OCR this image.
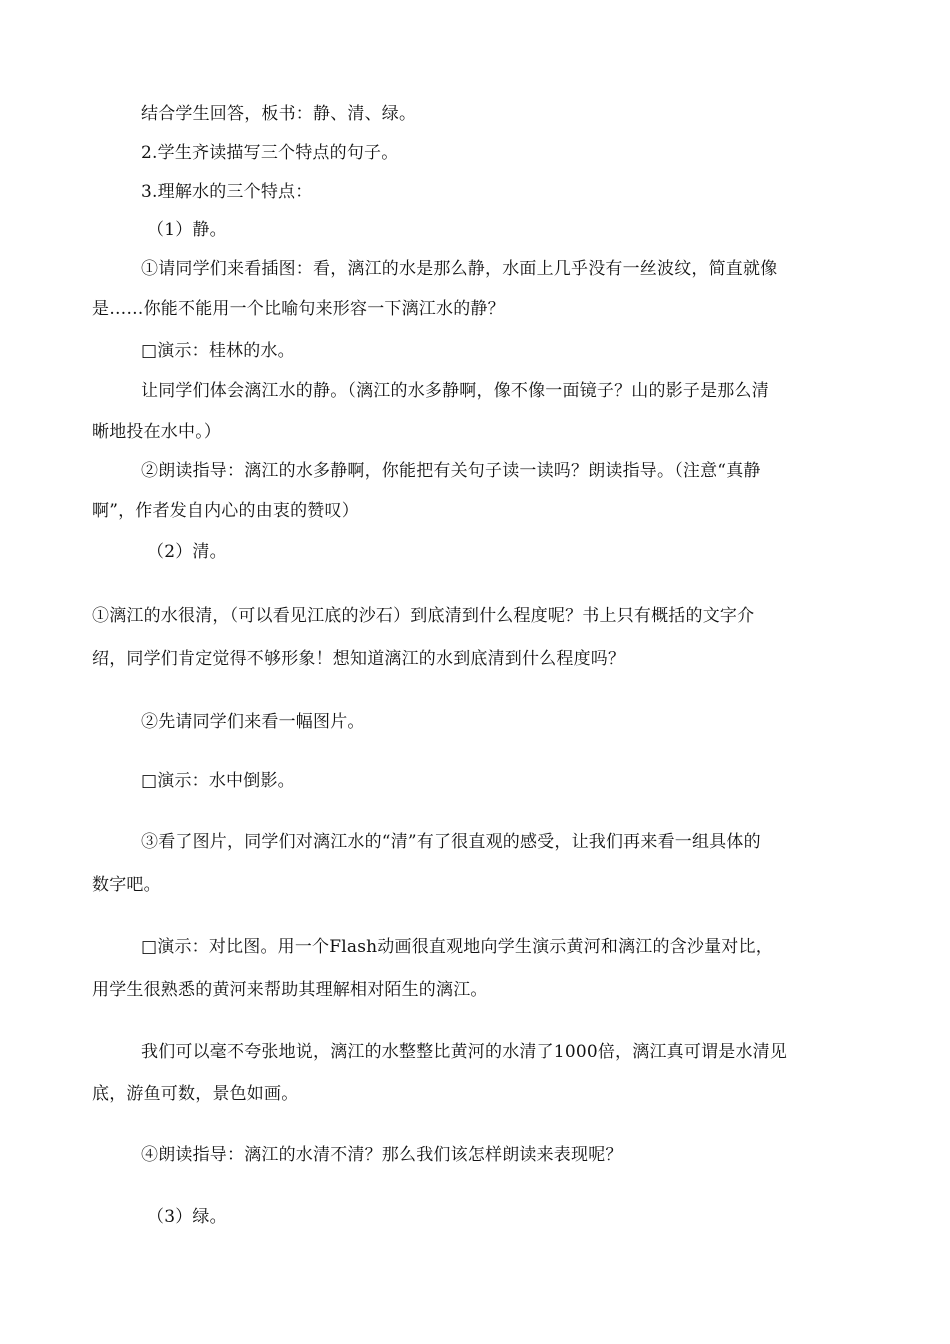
结合学生回答，板书：静、清、绿。
2.学生齐读描写三个特点的句子。
3.理解水的三个特点：
（1）静。
①请同学们来看插图：看，漓江的水是那么静，水面上几乎没有一丝波纹，简直就像
是……你能不能用一个比喻句来形容一下漓江水的静？
□演示：桂林的水。
让同学们体会漓江水的静。（漓江的水多静啊，像不像一面镜子？山的影子是那么清
晰地投在水中。）
②朗读指导：漓江的水多静啊，你能把有关句子读一读吗？朗读指导。（注意“真静
啊”，作者发自内心的由衷的赞叹）
（2）清。
①漓江的水很清，（可以看见江底的沙石）到底清到什么程度呢？书上只有概括的文字介
绍，同学们肯定觉得不够形象！想知道漓江的水到底清到什么程度吗？
②先请同学们来看一幅图片。
□演示：水中倒影。
③看了图片，同学们对漓江水的“清”有了很直观的感受，让我们再来看一组具体的
数字吧。
□演示：对比图。用一个Flash动画很直观地向学生演示黄河和漓江的含沙量对比，
用学生很熟悉的黄河来帮助其理解相对陌生的漓江。
我们可以毫不夸张地说，漓江的水整整比黄河的水清了1000倍，漓江真可谓是水清见
底，游鱼可数，景色如画。
④朗读指导：漓江的水清不清？那么我们该怎样朗读来表现呢？
（3）绿。
